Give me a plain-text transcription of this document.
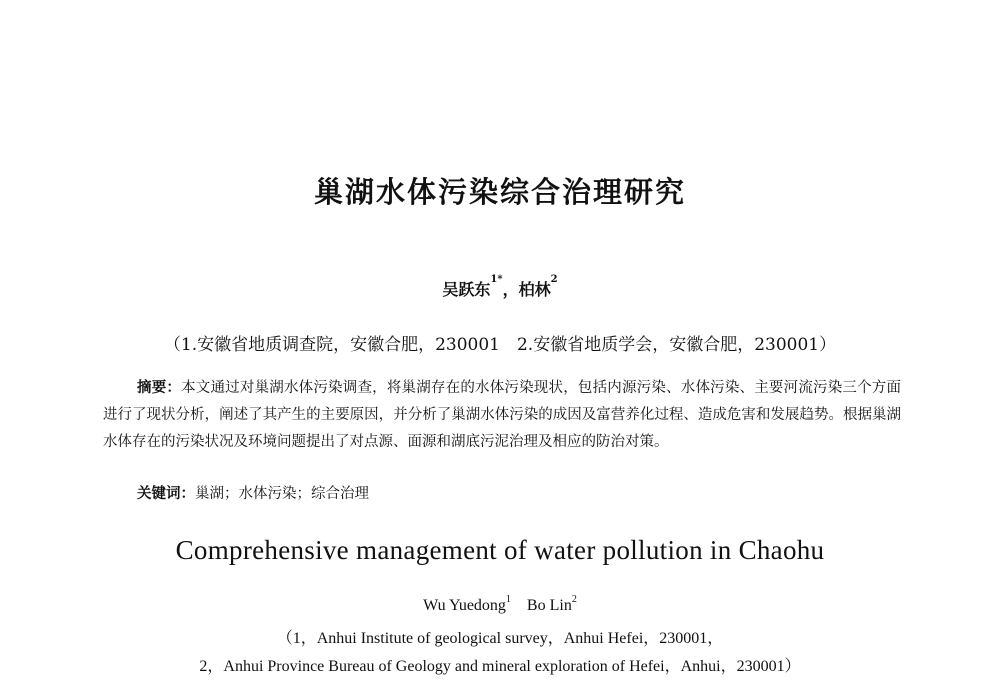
巢湖水体污染综合治理研究
吴跃东$^{1*}$，柏林$^2$
（1.安徽省地质调查院，安徽合肥，230001　2.安徽省地质学会，安徽合肥，230001）
摘要：本文通过对巢湖水体污染调查，将巢湖存在的水体污染现状，包括内源污染、水体污染、主要河流污染三个方面进行了现状分析，阐述了其产生的主要原因，并分析了巢湖水体污染的成因及富营养化过程、造成危害和发展趋势。根据巢湖水体存在的污染状况及环境问题提出了对点源、面源和湖底污泥治理及相应的防治对策。
关键词：巢湖；水体污染；综合治理
Comprehensive management of water pollution in Chaohu
Wu Yuedong$^1$ Bo Lin$^2$
（1，Anhui Institute of geological survey，Anhui Hefei，230001，
2，Anhui Province Bureau of Geology and mineral exploration of Hefei，Anhui，230001）
